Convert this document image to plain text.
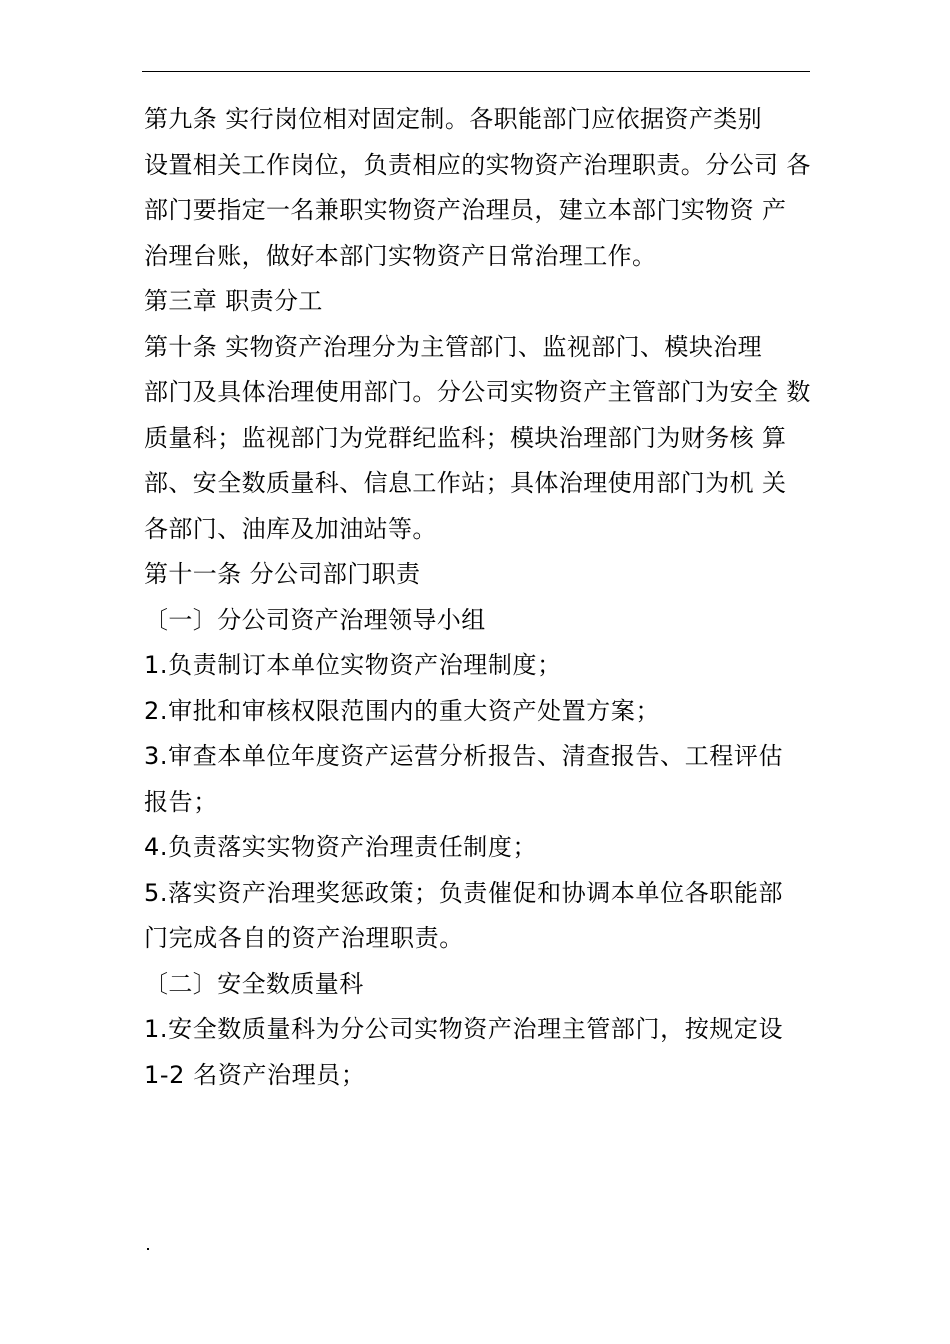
第九条 实行岗位相对固定制。各职能部门应依据资产类别
设置相关工作岗位，负责相应的实物资产治理职责。分公司 各
部门要指定一名兼职实物资产治理员，建立本部门实物资 产
治理台账，做好本部门实物资产日常治理工作。
第三章 职责分工
第十条 实物资产治理分为主管部门、监视部门、模块治理
部门及具体治理使用部门。分公司实物资产主管部门为安全 数
质量科；监视部门为党群纪监科；模块治理部门为财务核 算
部、安全数质量科、信息工作站；具体治理使用部门为机 关
各部门、油库及加油站等。
第十一条 分公司部门职责
〔一〕分公司资产治理领导小组
1.负责制订本单位实物资产治理制度；
2.审批和审核权限范围内的重大资产处置方案；
3.审查本单位年度资产运营分析报告、清查报告、工程评估
报告；
4.负责落实实物资产治理责任制度；
5.落实资产治理奖惩政策；负责催促和协调本单位各职能部
门完成各自的资产治理职责。
〔二〕安全数质量科
1.安全数质量科为分公司实物资产治理主管部门，按规定设
1-2 名资产治理员；
